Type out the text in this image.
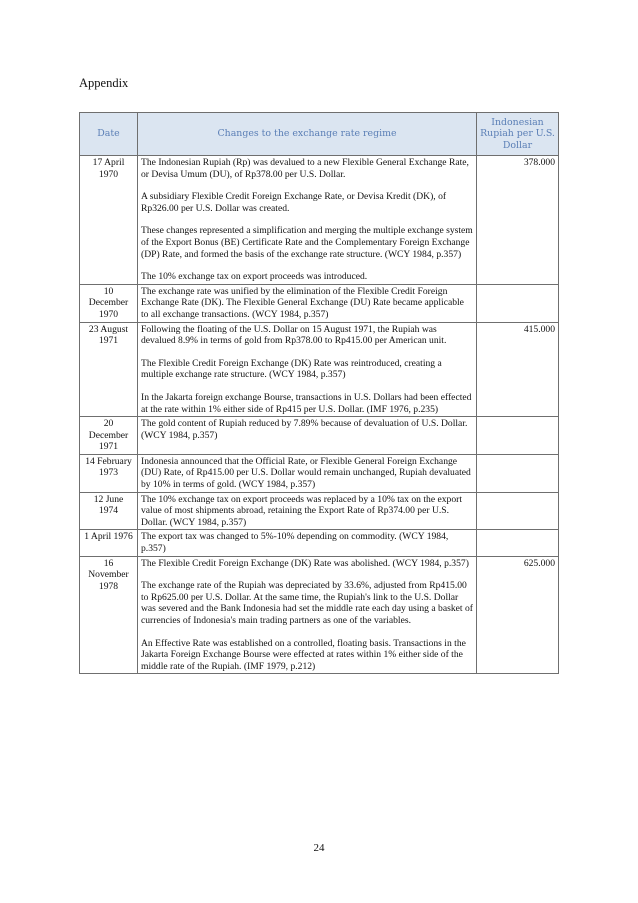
Appendix
Date	Changes to the exchange rate regime	Indonesian Rupiah per U.S. Dollar
17 April 1970	The Indonesian Rupiah (Rp) was devalued to a new Flexible General Exchange Rate, or Devisa Umum (DU), of Rp378.00 per U.S. Dollar.

A subsidiary Flexible Credit Foreign Exchange Rate, or Devisa Kredit (DK), of Rp326.00 per U.S. Dollar was created.

These changes represented a simplification and merging the multiple exchange system of the Export Bonus (BE) Certificate Rate and the Complementary Foreign Exchange (DP) Rate, and formed the basis of the exchange rate structure. (WCY 1984, p.357)

The 10% exchange tax on export proceeds was introduced.	378.000
10 December 1970	The exchange rate was unified by the elimination of the Flexible Credit Foreign Exchange Rate (DK). The Flexible General Exchange (DU) Rate became applicable to all exchange transactions. (WCY 1984, p.357)	

23 August 1971	Following the floating of the U.S. Dollar on 15 August 1971, the Rupiah was devalued 8.9% in terms of gold from Rp378.00 to Rp415.00 per American unit.

The Flexible Credit Foreign Exchange (DK) Rate was reintroduced, creating a multiple exchange rate structure. (WCY 1984, p.357)

In the Jakarta foreign exchange Bourse, transactions in U.S. Dollars had been effected at the rate within 1% either side of Rp415 per U.S. Dollar. (IMF 1976, p.235)	415.000
20 December 1971	The gold content of Rupiah reduced by 7.89% because of devaluation of U.S. Dollar. (WCY 1984, p.357)	

14 February 1973	Indonesia announced that the Official Rate, or Flexible General Foreign Exchange (DU) Rate, of Rp415.00 per U.S. Dollar would remain unchanged, Rupiah devaluated by 10% in terms of gold. (WCY 1984, p.357)	

12 June 1974	The 10% exchange tax on export proceeds was replaced by a 10% tax on the export value of most shipments abroad, retaining the Export Rate of Rp374.00 per U.S. Dollar. (WCY 1984, p.357)	

1 April 1976	The export tax was changed to 5%-10% depending on commodity. (WCY 1984, p.357)	

16 November 1978	The Flexible Credit Foreign Exchange (DK) Rate was abolished. (WCY 1984, p.357)

The exchange rate of the Rupiah was depreciated by 33.6%, adjusted from Rp415.00 to Rp625.00 per U.S. Dollar. At the same time, the Rupiah's link to the U.S. Dollar was severed and the Bank Indonesia had set the middle rate each day using a basket of currencies of Indonesia's main trading partners as one of the variables.

An Effective Rate was established on a controlled, floating basis. Transactions in the Jakarta Foreign Exchange Bourse were effected at rates within 1% either side of the middle rate of the Rupiah. (IMF 1979, p.212)	625.000
24
